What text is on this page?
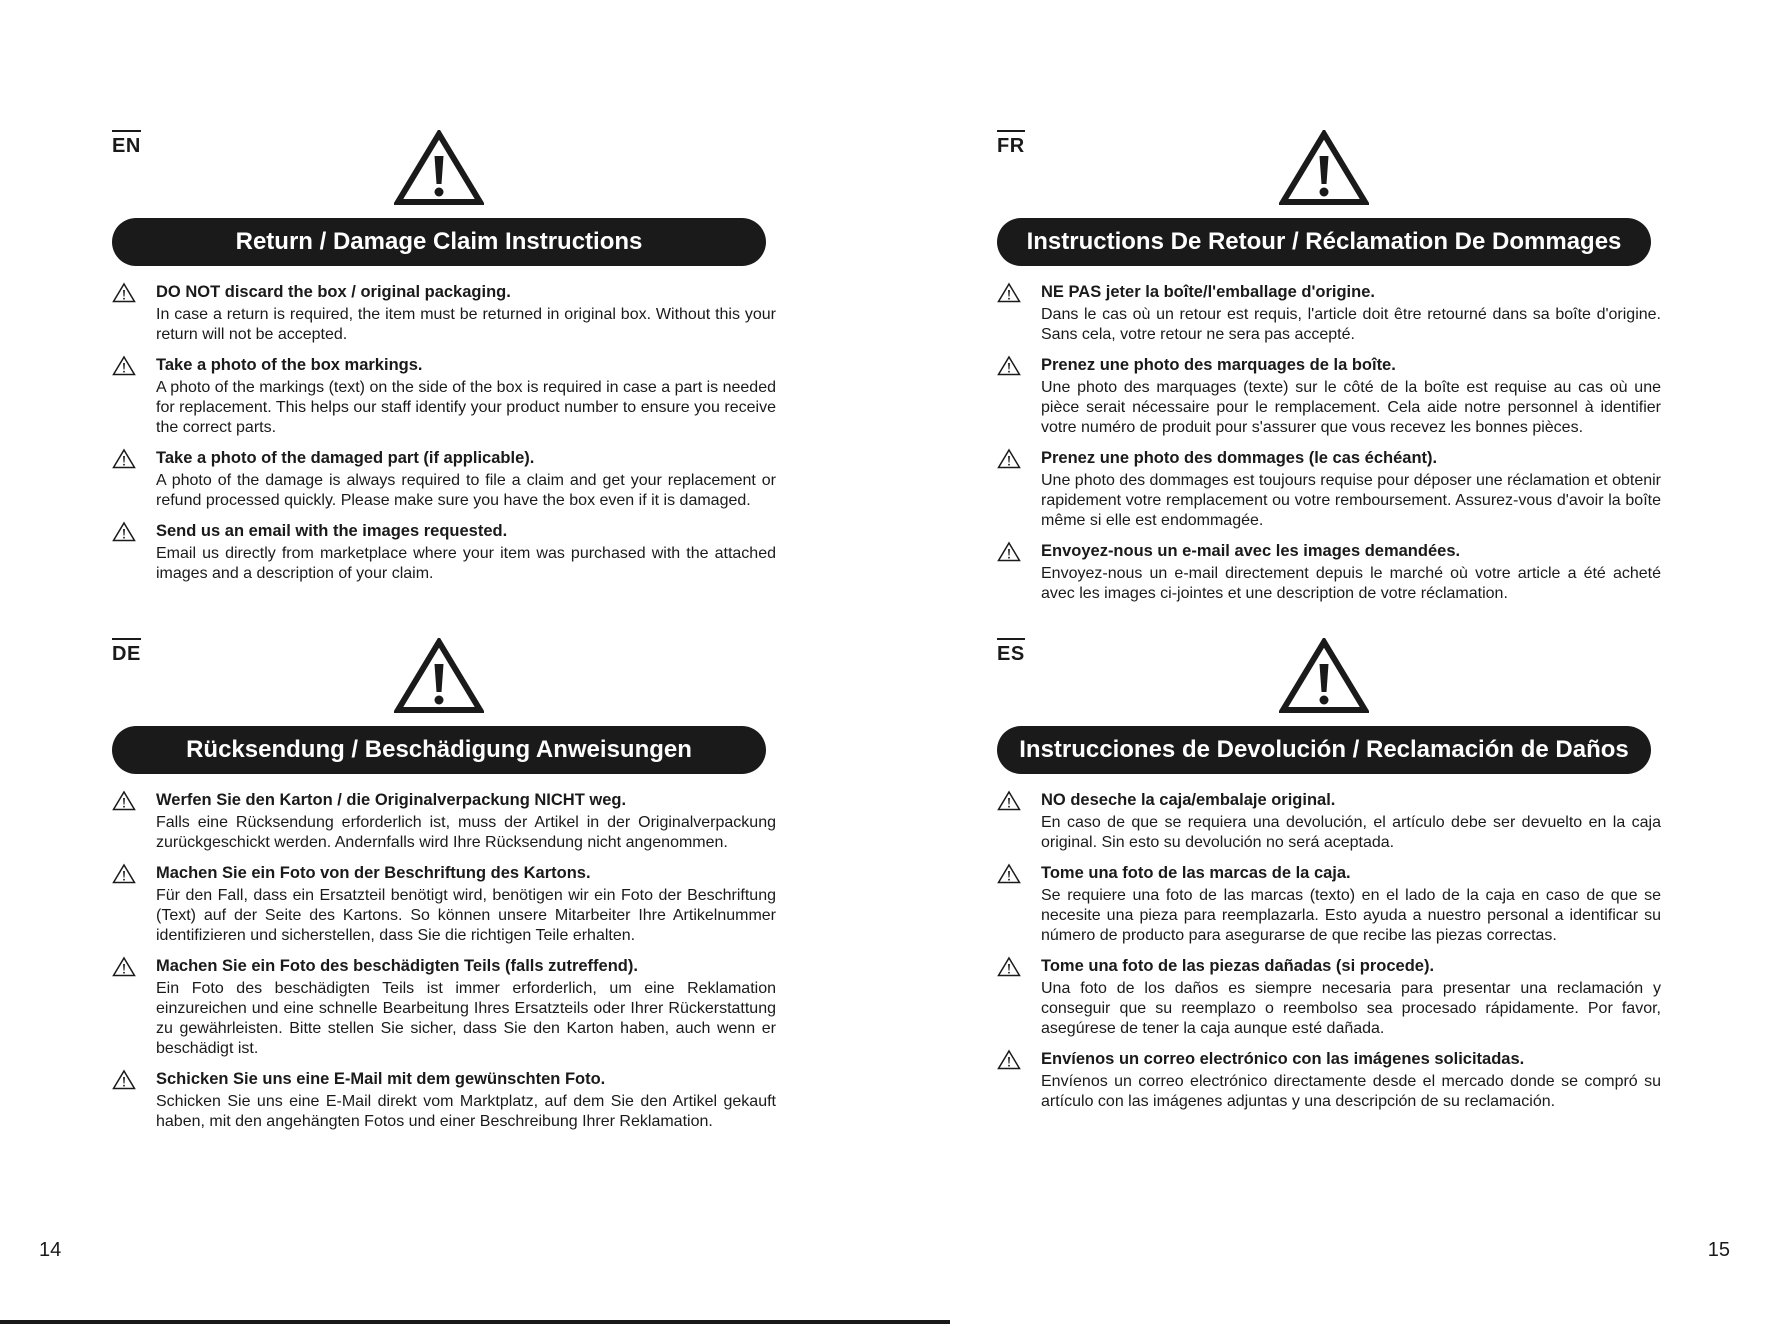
EN
Return / Damage Claim Instructions
DO NOT discard the box / original packaging.
In case a return is required, the item must be returned in original box. Without this your return will not be accepted.
Take a photo of the box markings.
A photo of the markings (text) on the side of the box is required in case a part is needed for replacement. This helps our staff identify your product number to ensure you receive the correct parts.
Take a photo of the damaged part (if applicable).
A photo of the damage is always required to file a claim and get your replacement or refund processed quickly. Please make sure you have the box even if it is damaged.
Send us an email with the images requested.
Email us directly from marketplace where your item was purchased with the attached images and a description of your claim.
FR
Instructions De Retour / Réclamation De Dommages
NE PAS jeter la boîte/l'emballage d'origine.
Dans le cas où un retour est requis, l'article doit être retourné dans sa boîte d'origine. Sans cela, votre retour ne sera pas accepté.
Prenez une photo des marquages de la boîte.
Une photo des marquages (texte) sur le côté de la boîte est requise au cas où une pièce serait nécessaire pour le remplacement. Cela aide notre personnel à identifier votre numéro de produit pour s'assurer que vous recevez les bonnes pièces.
Prenez une photo des dommages (le cas échéant).
Une photo des dommages est toujours requise pour déposer une réclamation et obtenir rapidement votre remplacement ou votre remboursement. Assurez-vous d'avoir la boîte même si elle est endommagée.
Envoyez-nous un e-mail avec les images demandées.
Envoyez-nous un e-mail directement depuis le marché où votre article a été acheté avec les images ci-jointes et une description de votre réclamation.
DE
Rücksendung / Beschädigung Anweisungen
Werfen Sie den Karton / die Originalverpackung NICHT weg.
Falls eine Rücksendung erforderlich ist, muss der Artikel in der Originalverpackung zurückgeschickt werden. Andernfalls wird Ihre Rücksendung nicht angenommen.
Machen Sie ein Foto von der Beschriftung des Kartons.
Für den Fall, dass ein Ersatzteil benötigt wird, benötigen wir ein Foto der Beschriftung (Text) auf der Seite des Kartons. So können unsere Mitarbeiter Ihre Artikelnummer identifizieren und sicherstellen, dass Sie die richtigen Teile erhalten.
Machen Sie ein Foto des beschädigten Teils (falls zutreffend).
Ein Foto des beschädigten Teils ist immer erforderlich, um eine Reklamation einzureichen und eine schnelle Bearbeitung Ihres Ersatzteils oder Ihrer Rückerstattung zu gewährleisten. Bitte stellen Sie sicher, dass Sie den Karton haben, auch wenn er beschädigt ist.
Schicken Sie uns eine E-Mail mit dem gewünschten Foto.
Schicken Sie uns eine E-Mail direkt vom Marktplatz, auf dem Sie den Artikel gekauft haben, mit den angehängten Fotos und einer Beschreibung Ihrer Reklamation.
ES
Instrucciones de Devolución / Reclamación de Daños
NO deseche la caja/embalaje original.
En caso de que se requiera una devolución, el artículo debe ser devuelto en la caja original. Sin esto su devolución no será aceptada.
Tome una foto de las marcas de la caja.
Se requiere una foto de las marcas (texto) en el lado de la caja en caso de que se necesite una pieza para reemplazarla. Esto ayuda a nuestro personal a identificar su número de producto para asegurarse de que recibe las piezas correctas.
Tome una foto de las piezas dañadas (si procede).
Una foto de los daños es siempre necesaria para presentar una reclamación y conseguir que su reemplazo o reembolso sea procesado rápidamente. Por favor, asegúrese de tener la caja aunque esté dañada.
Envíenos un correo electrónico con las imágenes solicitadas.
Envíenos un correo electrónico directamente desde el mercado donde se compró su artículo con las imágenes adjuntas y una descripción de su reclamación.
14	15
